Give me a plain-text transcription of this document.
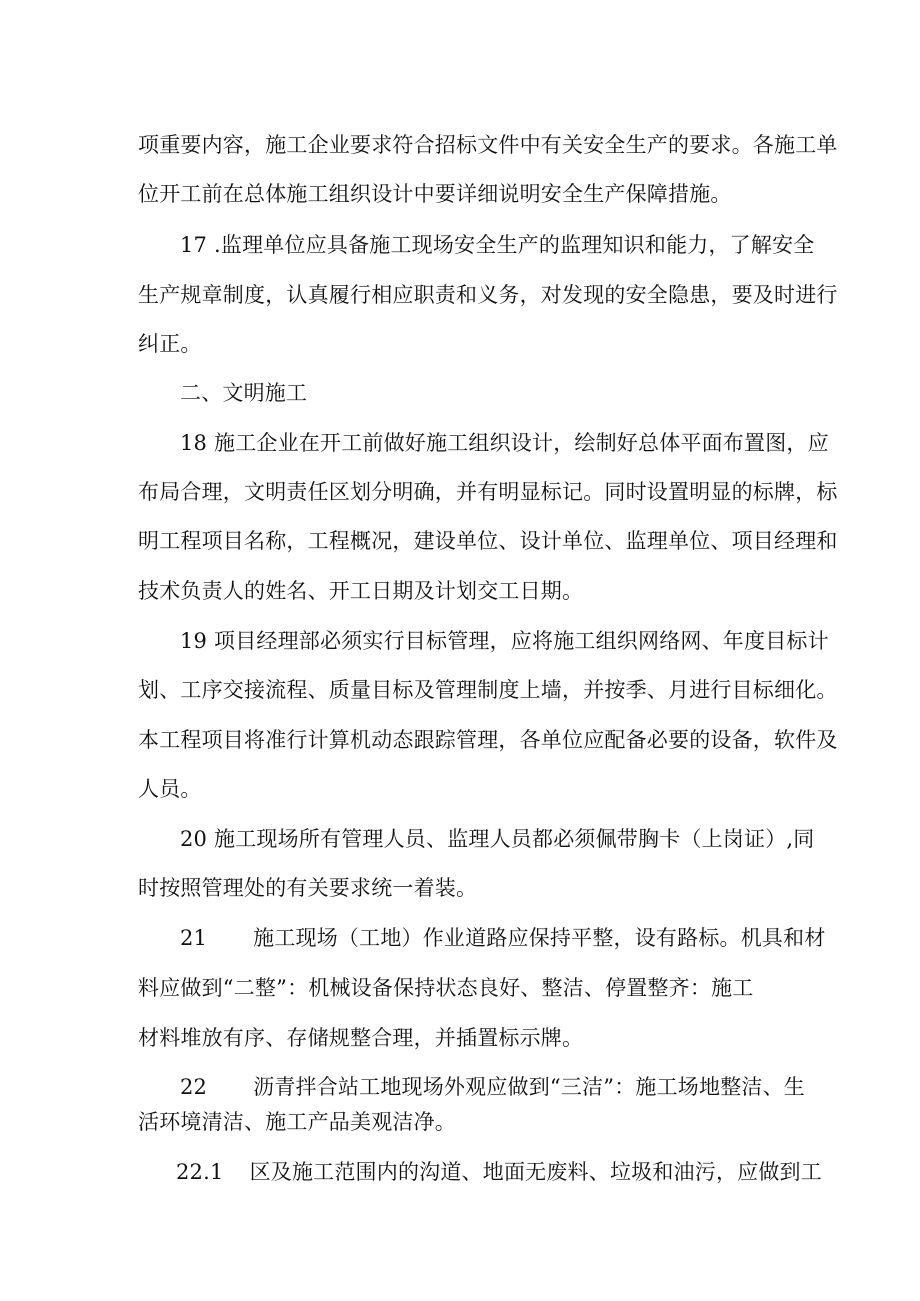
项重要内容，施工企业要求符合招标文件中有关安全生产的要求。各施工单
位开工前在总体施工组织设计中要详细说明安全生产保障措施。
17 .监理单位应具备施工现场安全生产的监理知识和能力，了解安全
生产规章制度，认真履行相应职责和义务，对发现的安全隐患，要及时进行
纠正。
二、文明施工
18 施工企业在开工前做好施工组织设计，绘制好总体平面布置图，应
布局合理，文明责任区划分明确，并有明显标记。同时设置明显的标牌，标
明工程项目名称，工程概况，建设单位、设计单位、监理单位、项目经理和
技术负责人的姓名、开工日期及计划交工日期。
19 项目经理部必须实行目标管理，应将施工组织网络网、年度目标计
划、工序交接流程、质量目标及管理制度上墙，并按季、月进行目标细化。
本工程项目将准行计算机动态跟踪管理，各单位应配备必要的设备，软件及
人员。
20 施工现场所有管理人员、监理人员都必须佩带胸卡（上岗证）,同
时按照管理处的有关要求统一着装。
21 施工现场（工地）作业道路应保持平整，设有路标。机具和材
料应做到“二整”：机械设备保持状态良好、整洁、停置整齐：施工
材料堆放有序、存储规整合理，并插置标示牌。
22 沥青拌合站工地现场外观应做到“三洁”：施工场地整洁、生
活环境清洁、施工产品美观洁净。
22.1 区及施工范围内的沟道、地面无废料、垃圾和油污，应做到工
